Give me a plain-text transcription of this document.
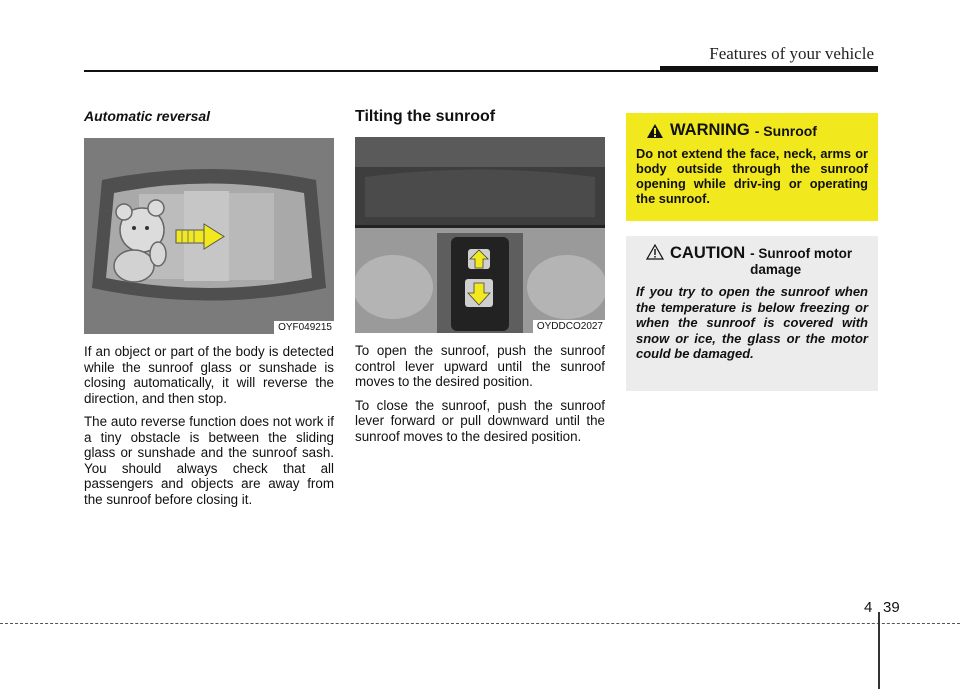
Features of your vehicle
Automatic reversal
OYF049215

If an object or part of the body is detected while the sunroof glass or sunshade is closing automatically, it will reverse the direction, and then stop.

The auto reverse function does not work if a tiny obstacle is between the sliding glass or sunshade and the sunroof sash. You should always check that all passengers and objects are away from the sunroof before closing it.

Tilting the sunroof
OYDDCO2027

To open the sunroof, push the sunroof control lever upward until the sunroof moves to the desired position.

To close the sunroof, push the sunroof lever forward or pull downward until the sunroof moves to the desired position.

WARNING - Sunroof
Do not extend the face, neck, arms or body outside through the sunroof opening while driv-ing or operating the sunroof.
CAUTION - Sunroof motor damage
If you try to open the sunroof when the temperature is below freezing or when the sunroof is covered with snow or ice, the glass or the motor could be damaged.
4 39
